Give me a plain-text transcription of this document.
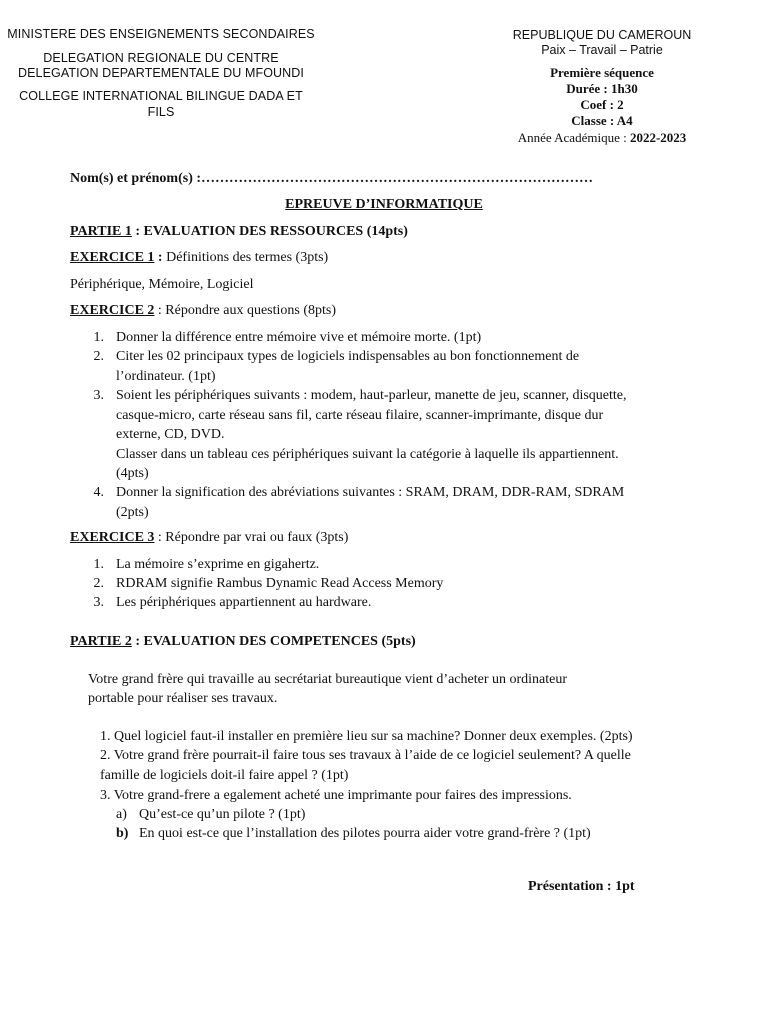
MINISTERE DES ENSEIGNEMENTS SECONDAIRES
DELEGATION REGIONALE DU CENTRE
DELEGATION DEPARTEMENTALE DU MFOUNDI
COLLEGE INTERNATIONAL BILINGUE DADA ET
FILS
REPUBLIQUE DU CAMEROUN
Paix – Travail – Patrie
Première séquence
Durée : 1h30
Coef : 2
Classe : A4
Année Académique : 2022-2023
Nom(s) et prénom(s) :…………………………………………………………………………
EPREUVE D’INFORMATIQUE
PARTIE 1 : EVALUATION DES RESSOURCES (14pts)
EXERCICE 1 : Définitions des termes (3pts)
Périphérique, Mémoire, Logiciel
EXERCICE 2 : Répondre aux questions (8pts)
1. Donner la différence entre mémoire vive et mémoire morte. (1pt)
2. Citer les 02 principaux types de logiciels indispensables au bon fonctionnement de
l’ordinateur. (1pt)
3. Soient les périphériques suivants : modem, haut-parleur, manette de jeu, scanner, disquette,
casque-micro, carte réseau sans fil, carte réseau filaire, scanner-imprimante, disque dur
externe, CD, DVD.
Classer dans un tableau ces périphériques suivant la catégorie à laquelle ils appartiennent.
(4pts)
4. Donner la signification des abréviations suivantes : SRAM, DRAM, DDR-RAM, SDRAM
(2pts)
EXERCICE 3 : Répondre par vrai ou faux (3pts)
1. La mémoire s’exprime en gigahertz.
2. RDRAM signifie Rambus Dynamic Read Access Memory
3. Les périphériques appartiennent au hardware.
PARTIE 2 : EVALUATION DES COMPETENCES (5pts)
Votre grand frère qui travaille au secrétariat bureautique vient d’acheter un ordinateur
portable pour réaliser ses travaux.
1. Quel logiciel faut-il installer en première lieu sur sa machine? Donner deux exemples. (2pts)
2. Votre grand frère pourrait-il faire tous ses travaux à l’aide de ce logiciel seulement? A quelle
famille de logiciels doit-il faire appel ? (1pt)
3. Votre grand-frere a egalement acheté une imprimante pour faires des impressions.
a) Qu’est-ce qu’un pilote ? (1pt)
b) En quoi est-ce que l’installation des pilotes pourra aider votre grand-frère ? (1pt)
Présentation : 1pt
